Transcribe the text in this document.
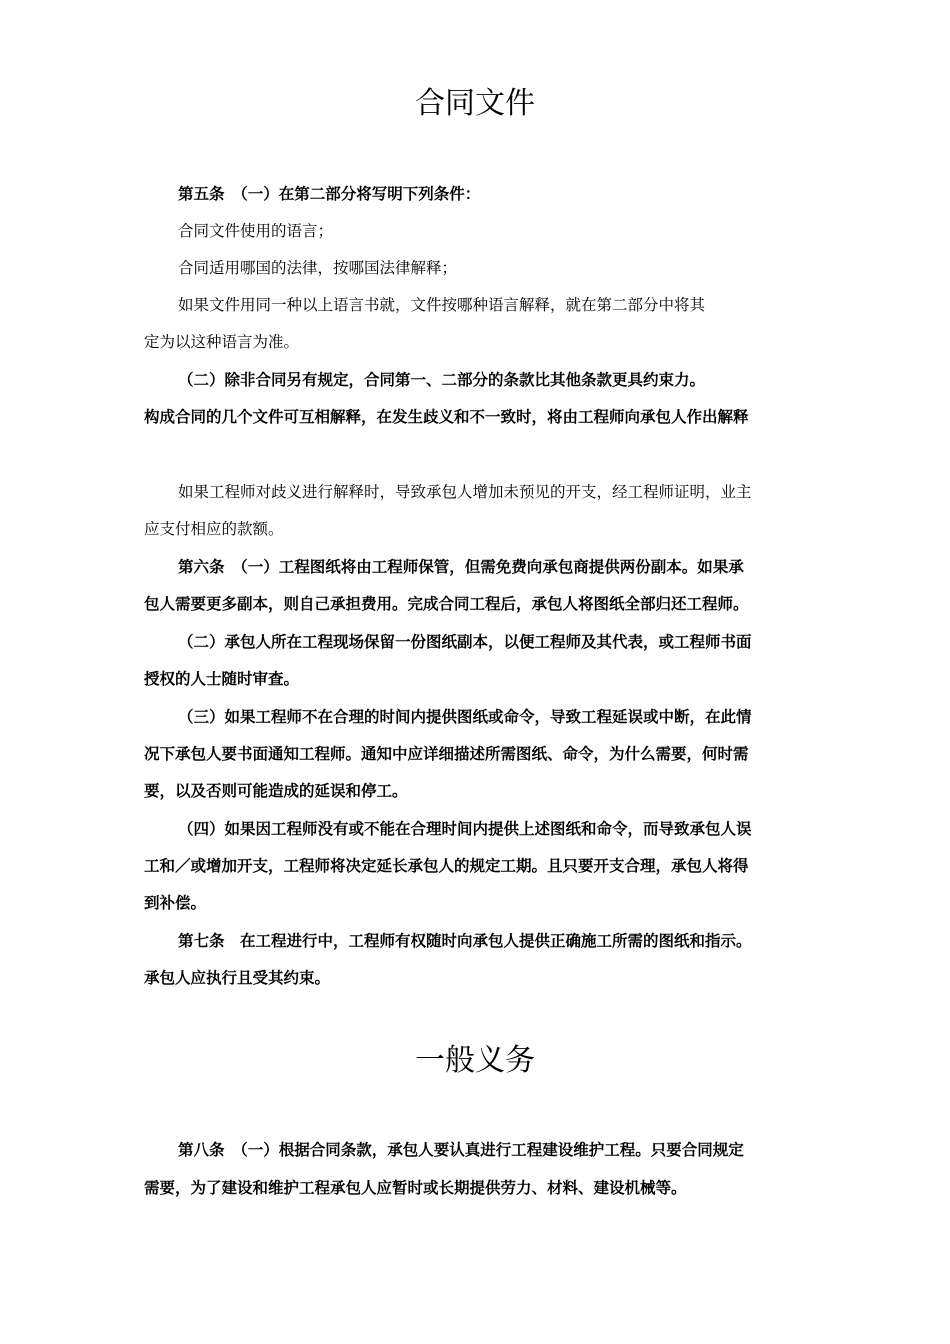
合同文件

第五条　（一）在第二部分将写明下列条件：

合同文件使用的语言；

合同适用哪国的法律，按哪国法律解释；

如果文件用同一种以上语言书就，文件按哪种语言解释，就在第二部分中将其

定为以这种语言为准。

（二）除非合同另有规定，合同第一、二部分的条款比其他条款更具约束力。

构成合同的几个文件可互相解释，在发生歧义和不一致时，将由工程师向承包人作出解释

如果工程师对歧义进行解释时，导致承包人增加未预见的开支，经工程师证明，业主

应支付相应的款额。

第六条　（一）工程图纸将由工程师保管，但需免费向承包商提供两份副本。如果承

包人需要更多副本，则自己承担费用。完成合同工程后，承包人将图纸全部归还工程师。

（二）承包人所在工程现场保留一份图纸副本，以便工程师及其代表，或工程师书面

授权的人士随时审查。

（三）如果工程师不在合理的时间内提供图纸或命令，导致工程延误或中断，在此情

况下承包人要书面通知工程师。通知中应详细描述所需图纸、命令，为什么需要，何时需

要，以及否则可能造成的延误和停工。

（四）如果因工程师没有或不能在合理时间内提供上述图纸和命令，而导致承包人误

工和／或增加开支，工程师将决定延长承包人的规定工期。且只要开支合理，承包人将得

到补偿。

第七条　在工程进行中，工程师有权随时向承包人提供正确施工所需的图纸和指示。

承包人应执行且受其约束。

一般义务

第八条　（一）根据合同条款，承包人要认真进行工程建设维护工程。只要合同规定

需要，为了建设和维护工程承包人应暂时或长期提供劳力、材料、建设机械等。
